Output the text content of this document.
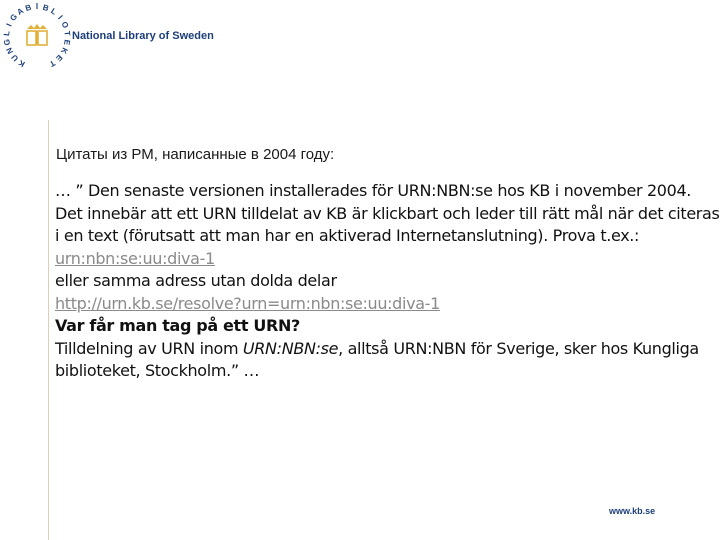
K
U
N
G
L
I
G
A B I B L
I
O
T
E
K
E
T
National Library of Sweden
Цитаты из РМ, написанные в 2004 году:
… ” Den senaste versionen installerades för URN:NBN:se hos KB i november 2004.
Det innebär att ett URN tilldelat av KB är klickbart och leder till rätt mål när det citeras
i en text (förutsatt att man har en aktiverad Internetanslutning). Prova t.ex.:
urn:nbn:se:uu:diva-1
eller samma adress utan dolda delar
http://urn.kb.se/resolve?urn=urn:nbn:se:uu:diva-1
Var får man tag på ett URN?
Tilldelning av URN inom URN:NBN:se, alltså URN:NBN för Sverige, sker hos Kungliga
biblioteket, Stockholm.” …
www.kb.se
